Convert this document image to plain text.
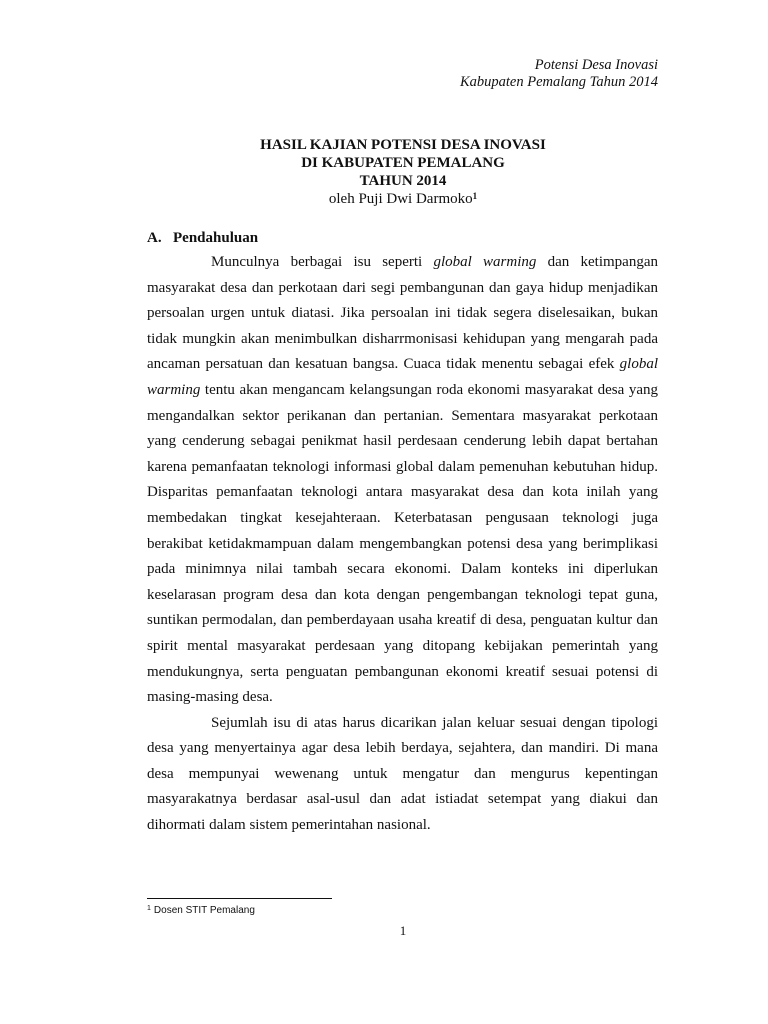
Potensi Desa Inovasi
Kabupaten Pemalang Tahun 2014
HASIL KAJIAN POTENSI DESA INOVASI
DI KABUPATEN PEMALANG
TAHUN 2014
oleh Puji Dwi Darmoko$^1$
A. Pendahuluan

Munculnya berbagai isu seperti global warming dan ketimpangan masyarakat desa dan perkotaan dari segi pembangunan dan gaya hidup menjadikan persoalan urgen untuk diatasi. Jika persoalan ini tidak segera diselesaikan, bukan tidak mungkin akan menimbulkan disharrmonisasi kehidupan yang mengarah pada ancaman persatuan dan kesatuan bangsa. Cuaca tidak menentu sebagai efek global warming tentu akan mengancam kelangsungan roda ekonomi masyarakat desa yang mengandalkan sektor perikanan dan pertanian. Sementara masyarakat perkotaan yang cenderung sebagai penikmat hasil perdesaan cenderung lebih dapat bertahan karena pemanfaatan teknologi informasi global dalam pemenuhan kebutuhan hidup. Disparitas pemanfaatan teknologi antara masyarakat desa dan kota inilah yang membedakan tingkat kesejahteraan. Keterbatasan pengusaan teknologi juga berakibat ketidakmampuan dalam mengembangkan potensi desa yang berimplikasi pada minimnya nilai tambah secara ekonomi. Dalam konteks ini diperlukan keselarasan program desa dan kota dengan pengembangan teknologi tepat guna, suntikan permodalan, dan pemberdayaan usaha kreatif di desa, penguatan kultur dan spirit mental masyarakat perdesaan yang ditopang kebijakan pemerintah yang mendukungnya, serta penguatan pembangunan ekonomi kreatif sesuai potensi di masing-masing desa.

Sejumlah isu di atas harus dicarikan jalan keluar sesuai dengan tipologi desa yang menyertainya agar desa lebih berdaya, sejahtera, dan mandiri. Di mana desa mempunyai wewenang untuk mengatur dan mengurus kepentingan masyarakatnya berdasar asal-usul dan adat istiadat setempat yang diakui dan dihormati dalam sistem pemerintahan nasional.

$^1$ Dosen STIT Pemalang
1
